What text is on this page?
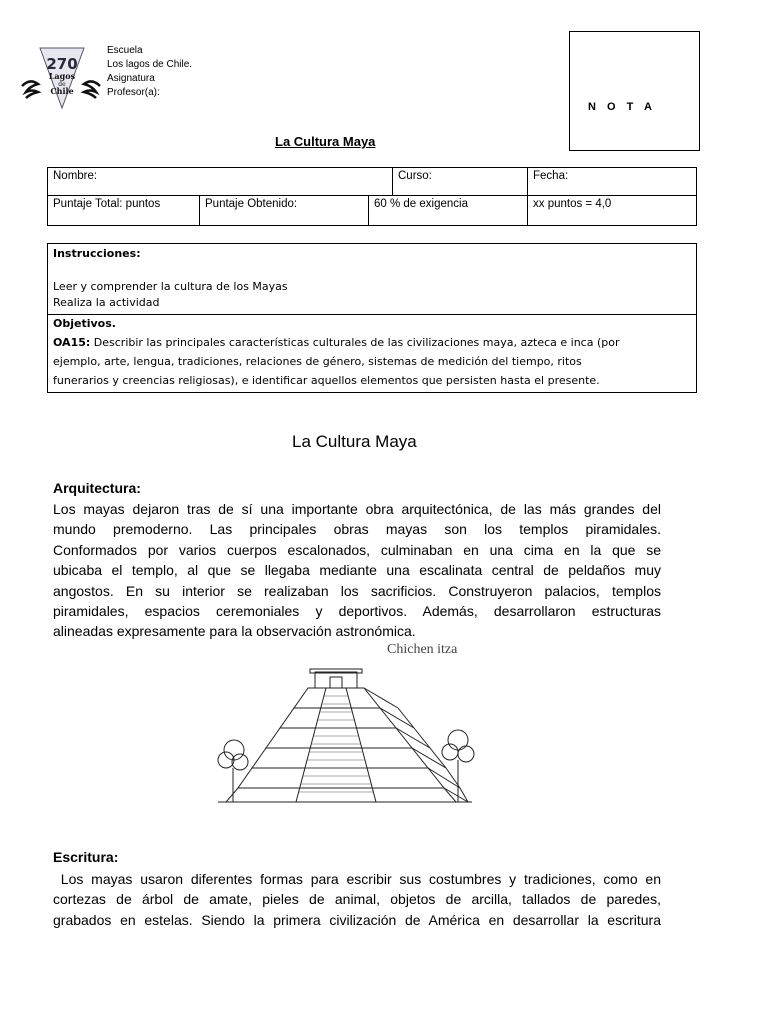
270
Lagos
de
Chile
Escuela
Los lagos de Chile.
Asignatura
Profesor(a):
N O T A
La Cultura Maya
Nombre:			Curso:	Fecha:
Puntaje Total: puntos	Puntaje Obtenido:	60 % de exigencia		xx puntos = 4,0
Instrucciones:
Leer y comprender la cultura de los Mayas
Realiza la actividad
Objetivos.
OA15: Describir las principales características culturales de las civilizaciones maya, azteca e inca (por
ejemplo, arte, lengua, tradiciones, relaciones de género, sistemas de medición del tiempo, ritos
funerarios y creencias religiosas), e identificar aquellos elementos que persisten hasta el presente.
La Cultura Maya
Arquitectura:
Los mayas dejaron tras de sí una importante obra arquitectónica, de las más grandes del
mundo premoderno. Las principales obras mayas son los templos piramidales.
Conformados por varios cuerpos escalonados, culminaban en una cima en la que se
ubicaba el templo, al que se llegaba mediante una escalinata central de peldaños muy
angostos. En su interior se realizaban los sacrificios. Construyeron palacios, templos
piramidales, espacios ceremoniales y deportivos. Además, desarrollaron estructuras
alineadas expresamente para la observación astronómica.
Chichen itza
Escritura:
Los mayas usaron diferentes formas para escribir sus costumbres y tradiciones, como en
cortezas de árbol de amate, pieles de animal, objetos de arcilla, tallados de paredes,
grabados en estelas. Siendo la primera civilización de América en desarrollar la escritura
